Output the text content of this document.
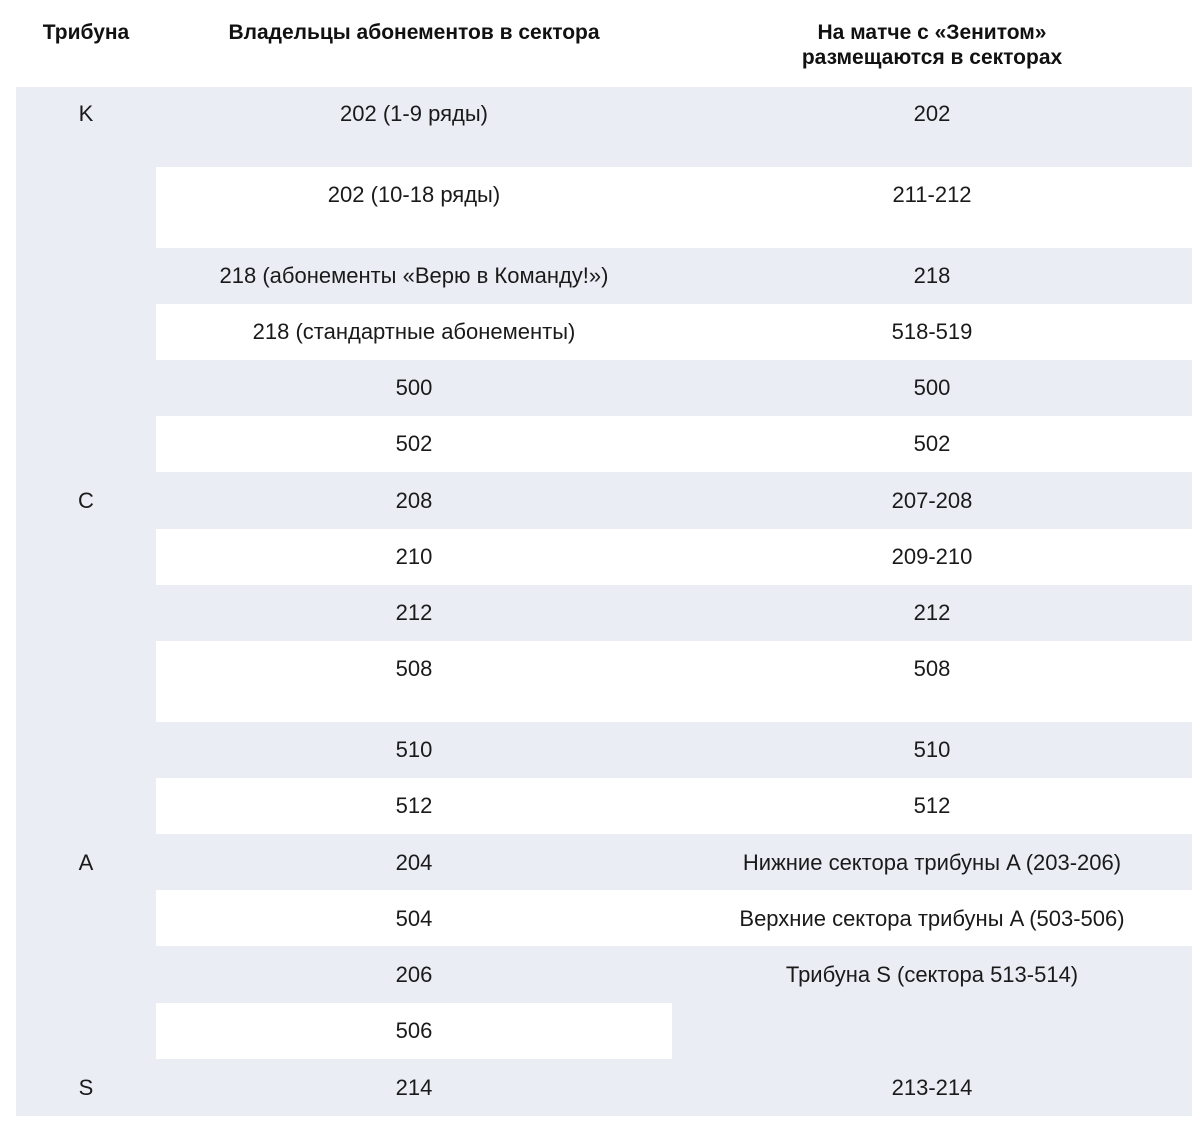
Трибуна	Владельцы абонементов в сектора	На матче с «Зенитом»
размещаются в секторах
K
C
A
S
202 (1-9 ряды)
202 (10-18 ряды)
218 (абонементы «Верю в Команду!»)
218 (стандартные абонементы)
500
502
208
210
212
508
510
512
204
504
206
506
214
202
211-212
218
518-519
500
502
207-208
209-210
212
508
510
512
Нижние сектора трибуны A (203-206)
Верхние сектора трибуны A (503-506)
Трибуна S (сектора 513-514)
213-214
